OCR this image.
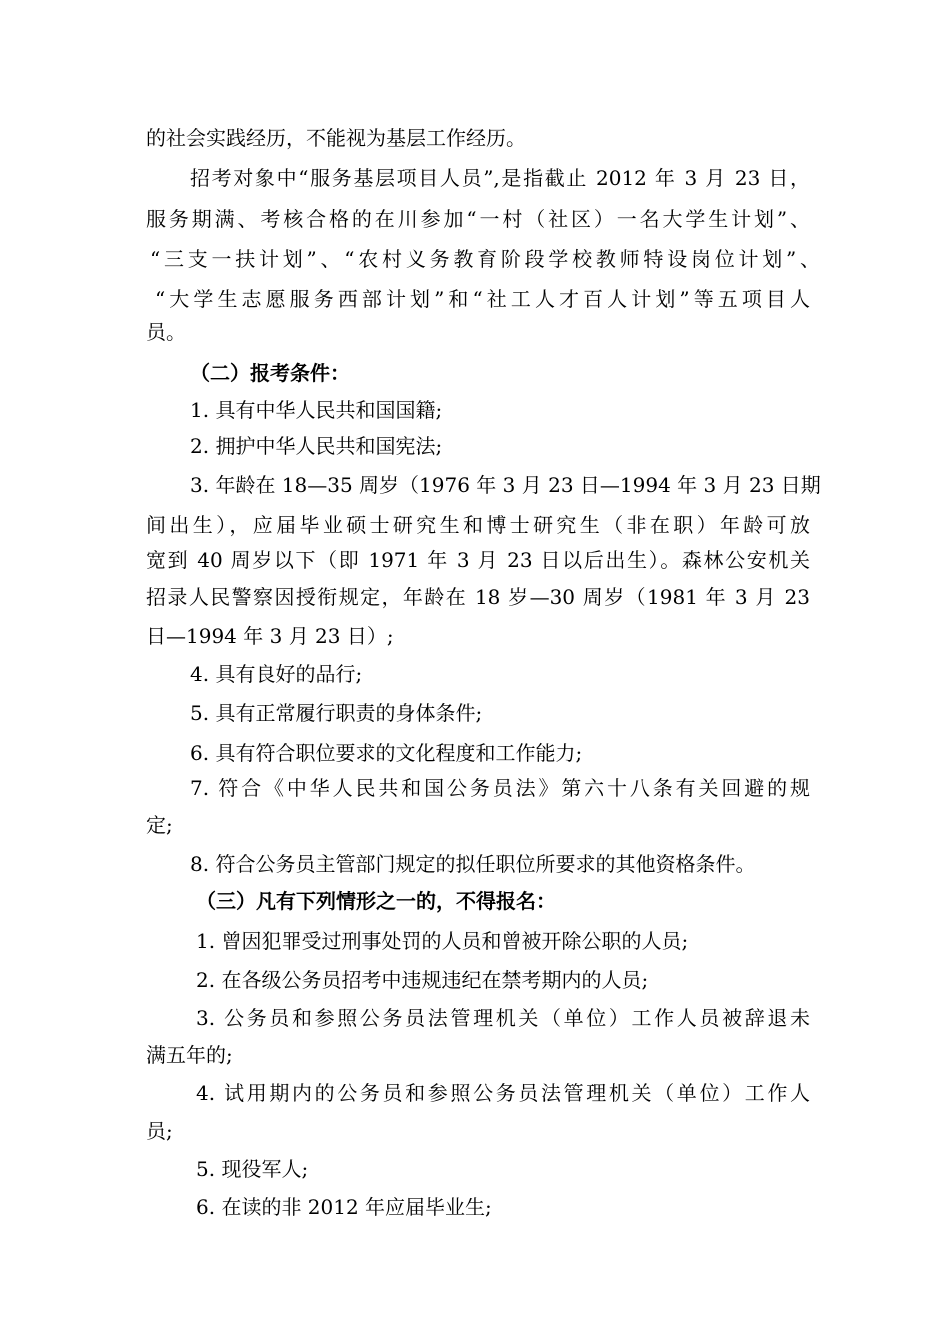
的社会实践经历，不能视为基层工作经历。
招考对象中“服务基层项目人员”,是指截止 2012 年 3 月 23 日，
服务期满、考核合格的在川参加“一村（社区）一名大学生计划”、
“三支一扶计划”、“农村义务教育阶段学校教师特设岗位计划”、
“大学生志愿服务西部计划”和“社工人才百人计划”等五项目人
员。
（二）报考条件：
1. 具有中华人民共和国国籍;
2. 拥护中华人民共和国宪法;
3. 年龄在 18—35 周岁（1976 年 3 月 23 日—1994 年 3 月 23 日期
间出生），应届毕业硕士研究生和博士研究生（非在职）年龄可放
宽到 40 周岁以下（即 1971 年 3 月 23 日以后出生）。森林公安机关
招录人民警察因授衔规定，年龄在 18 岁—30 周岁（1981 年 3 月 23
日—1994 年 3 月 23 日）;
4. 具有良好的品行;
5. 具有正常履行职责的身体条件;
6. 具有符合职位要求的文化程度和工作能力;
7. 符合《中华人民共和国公务员法》第六十八条有关回避的规
定;
8. 符合公务员主管部门规定的拟任职位所要求的其他资格条件。
（三）凡有下列情形之一的，不得报名：
1. 曾因犯罪受过刑事处罚的人员和曾被开除公职的人员;
2. 在各级公务员招考中违规违纪在禁考期内的人员;
3. 公务员和参照公务员法管理机关（单位）工作人员被辞退未
满五年的;
4. 试用期内的公务员和参照公务员法管理机关（单位）工作人
员;
5. 现役军人;
6. 在读的非 2012 年应届毕业生;
